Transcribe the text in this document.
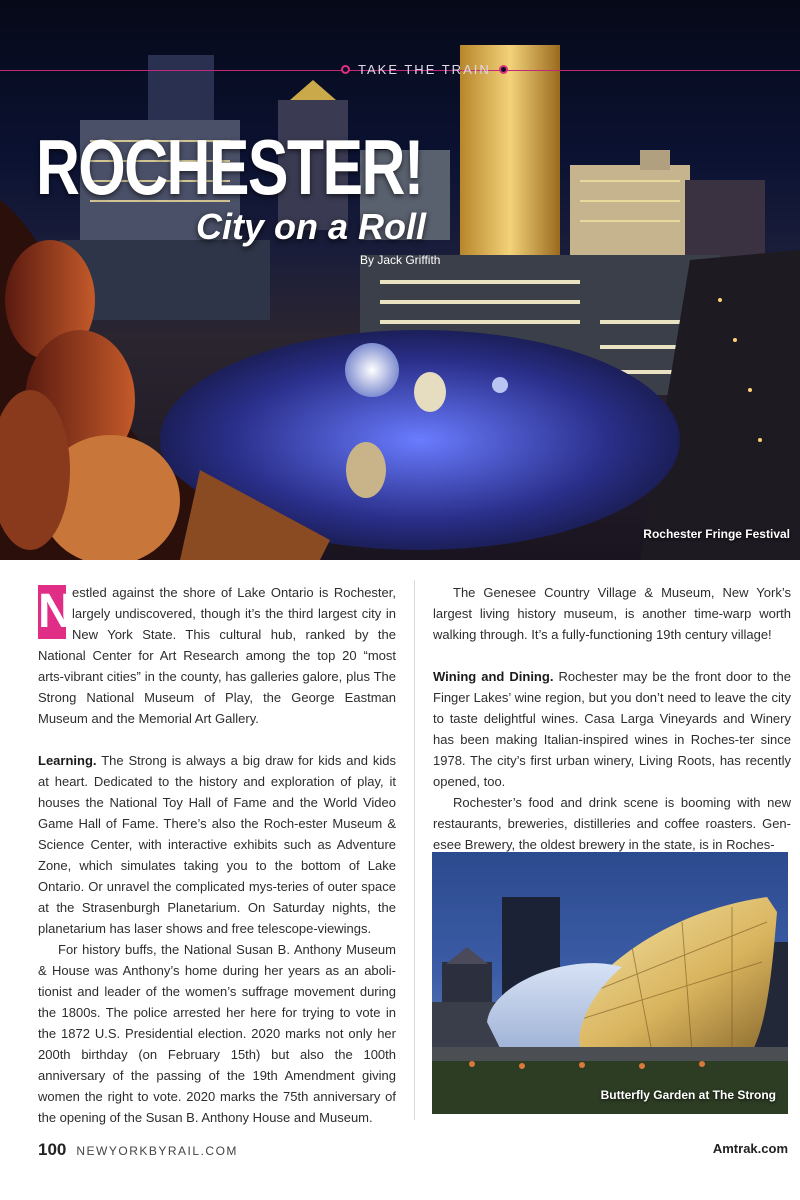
TAKE THE TRAIN
ROCHESTER!
City on a Roll
By Jack Griffith
Rochester Fringe Festival

N estled against the shore of Lake Ontario is Rochester, largely undiscovered, though it’s the third largest city in New York State. This cultural hub, ranked by the National Center for Art Research among the top 20 “most arts-vibrant cities” in the county, has galleries galore, plus The Strong National Museum of Play, the George Eastman Museum and the Memorial Art Gallery.

Learning. The Strong is always a big draw for kids and kids at heart. Dedicated to the history and exploration of play, it houses the National Toy Hall of Fame and the World Video Game Hall of Fame. There’s also the Roch-ester Museum & Science Center, with interactive exhibits such as Adventure Zone, which simulates taking you to the bottom of Lake Ontario. Or unravel the complicated mys-teries of outer space at the Strasenburgh Planetarium. On Saturday nights, the planetarium has laser shows and free telescope-viewings.

For history buffs, the National Susan B. Anthony Museum & House was Anthony’s home during her years as an aboli-tionist and leader of the women’s suffrage movement during the 1800s. The police arrested her here for trying to vote in the 1872 U.S. Presidential election. 2020 marks not only her 200th birthday (on February 15th) but also the 100th anniversary of the passing of the 19th Amendment giving women the right to vote. 2020 marks the 75th anniversary of the opening of the Susan B. Anthony House and Museum.

The Genesee Country Village & Museum, New York’s largest living history museum, is another time-warp worth walking through. It’s a fully-functioning 19th century village!

Wining and Dining. Rochester may be the front door to the Finger Lakes’ wine region, but you don’t need to leave the city to taste delightful wines. Casa Larga Vineyards and Winery has been making Italian-inspired wines in Roches-ter since 1978. The city’s first urban winery, Living Roots, has recently opened, too.

Rochester’s food and drink scene is booming with new restaurants, breweries, distilleries and coffee roasters. Gen-esee Brewery, the oldest brewery in the state, is in Roches-

Butterfly Garden at The Strong
100 NEWYORKBYRAIL.COM	Amtrak.com
